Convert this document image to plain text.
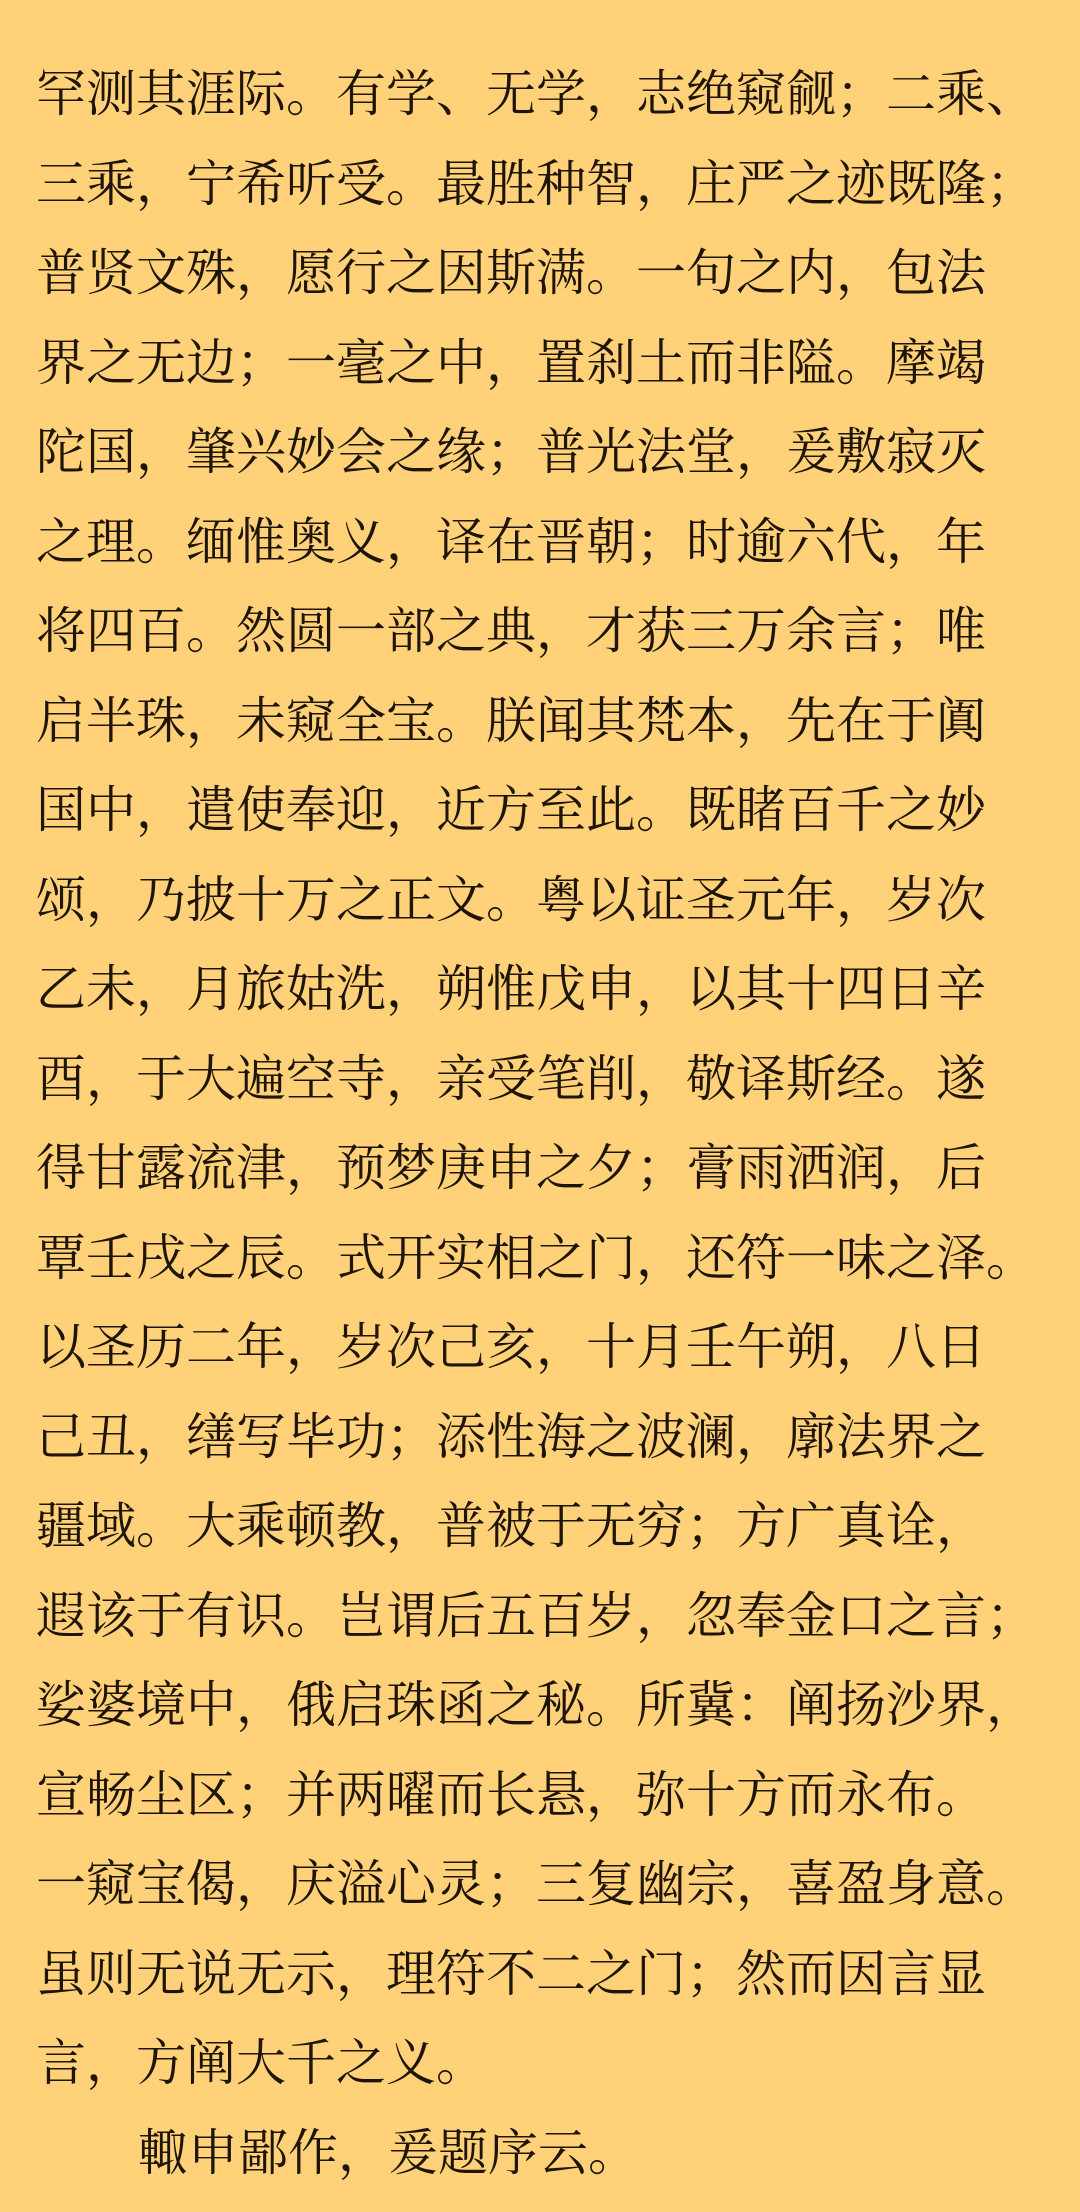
罕测其涯际。有学、无学，志绝窥觎；二乘、
三乘，宁希听受。最胜种智，庄严之迹既隆；
普贤文殊，愿行之因斯满。一句之内，包法
界之无边；一毫之中，置刹土而非隘。摩竭
陀国，肇兴妙会之缘；普光法堂，爰敷寂灭
之理。缅惟奥义，译在晋朝；时逾六代，年
将四百。然圆一部之典，才获三万余言；唯
启半珠，未窥全宝。朕闻其梵本，先在于阗
国中，遣使奉迎，近方至此。既睹百千之妙
颂，乃披十万之正文。粤以证圣元年，岁次
乙未，月旅姑洗，朔惟戊申，以其十四日辛
酉，于大遍空寺，亲受笔削，敬译斯经。遂
得甘露流津，预梦庚申之夕；膏雨洒润，后
覃壬戌之辰。式开实相之门，还符一味之泽。
以圣历二年，岁次己亥，十月壬午朔，八日
己丑，缮写毕功；添性海之波澜，廓法界之
疆域。大乘顿教，普被于无穷；方广真诠，
遐该于有识。岂谓后五百岁，忽奉金口之言；
娑婆境中，俄启珠函之秘。所冀：阐扬沙界，
宣畅尘区；并两曜而长悬，弥十方而永布。
一窥宝偈，庆溢心灵；三复幽宗，喜盈身意。
虽则无说无示，理符不二之门；然而因言显
言，方阐大千之义。
輙申鄙作，爰题序云。
